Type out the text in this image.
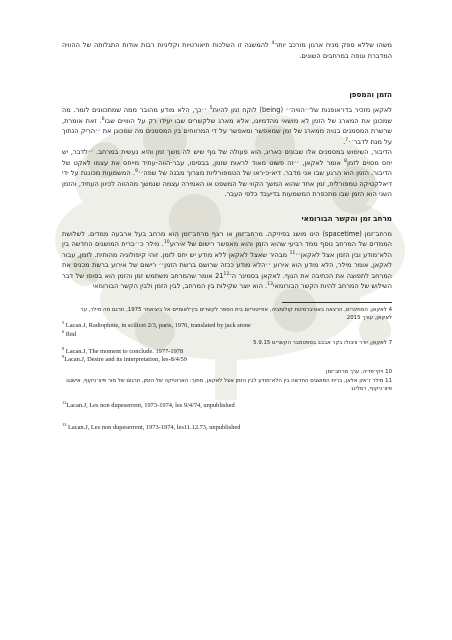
משהו שללא ספק מניח ארגון מורכב יותר$^4$ להמשגה זו השלכות תיאורטיות וקליניות רבות אודות התגלותה של ההוויה המדברת וגופה במרחבים השונים.

הזמן והמספן

לאקאן מזכיר בדו־אופנות של׳׳הוויה׳׳ (being) לוקח זמן להיות$^5$ ׳׳כך, הלא מודע מהובר ממה שמתכוונים לומר. מה שמכונן את המארג של הזמן לא מושאי מהדמיונו, אלא מארג שלקשרים שבו יעידו רק על הווויים שבו$^6$. זאת אומרת, שרשרת המסמנים בנויה ממארג של זמן שמאפשר ומאפשר על די המרווחים בין המסמנים מה שמכונן את ׳׳הריק הנתוך על מנת לדבר׳׳$^7$.

הדיבור, השימוש במסמנים אלו שבונים כאריג, הוא פעולה של גוף שיש לה משך זמן והיא נעשית במרחב. ׳׳לדבר, יש יחס מסוים לזמן$^8$ אומר לאקאן, ׳׳זה פשוט מאוד לראות שזמן, בבסיסו, עבר-הווה-עתיד מייחס את עצמו לאקט של הדיבור. הזמן הוא הרגע שבו אני מדבר. דיא-כ-ראו של הטמפורליות מצרוך מבנה של שפה׳׳$^9$. המשמעות מכוננת על ידי דיאלקטיקה טמפורלית, זמן אחד שהוא המשך הקווי של המשפט או האמירה עצמה שנמשך מההווה לכיוון העתיד, והזמן השני הוא הזמן שבו מתכפרת המשמעות בדיעבד כלפי העבר.

מרחב זמן והקשר הבורומאי

מרחב־זמן (spacetime) הינו מושג בפיזיקה. מרחב־זמן או רצף מרחב־זמן הוא מרחב בעל ארבעה ממדים. לשלושת הממדים של המרחב נוסף ממד רביעי שהוא הזמן והוא מאפשר רישום של אירוע$^{10}$. מילר כ׳׳ברית המושגים החדשה בין הלא־מודע ובין הזמן אצל לאקאן׳׳$^{11}$ מבהיר שאצל לאקאן ללא מודע יש יחס לזמן. זוהי קיפולוגיה מהותית. לזמן, עבור לאקאן, אומר מילר, הלא מודע הוא אירוע ׳׳הלא מודע ככזה שרושם ברשת הזמן׳׳ רישום של אירוע ברשת מכניס את המרחב לתפוצה את הכתיבה את הגוף. לאקאן בסמינר $ה־21^{12}$ אומר שהמרחב משתמש זמן והזמן הוא בסופו של דבר השילוש של המרחב להיות הקשר הבורומאי$^{13}$. הוא יוצר שקילות בין המרחב, לבין הזמן ולבין הקשר הבורומאי

4 לאקאן, הסמינרים, הרצאה באוניברסיטת קולומביה, אודיטוריום בית הספר לקשרים בין־לאומיים אל ביציאמר 1975, תרגם מה מילר, ער לאקאן, עורך 2015

$^5$ Lacan.J, Radiophnie, in scilicet 2/3, paris, 1970, translated by jack stone

$^6$ Ibid

7 לאקאן, יורר וויבולו בקר אבבב בספטמבר הקשרים 5.9.15

$^8$ Lacan.J, The moment to conclude. 1977-1978

$^9$Lacan.J, Desire and its interpretation, les-8/4/59

10 ויקי־פדיה, ערך מרחב־זמן

11 מילר ז׳אק אלאן, ברית המושגים החדשה בין הלא־מודע לבין הזמן אצל לאקאן, מתוך: הארוטיקה של הזמן, תרגום של מור פיצ׳ניקוף, אישנגו פיצ׳ניקוף, רסלינג

$^{12}$Lacan.J, Les non dupeserrent, 1973-1974, les 9/4/74, unpublished

$^{13}$ Lacan.J, Les non dupeserrent, 1973-1974, les11.12.73, unpublished
